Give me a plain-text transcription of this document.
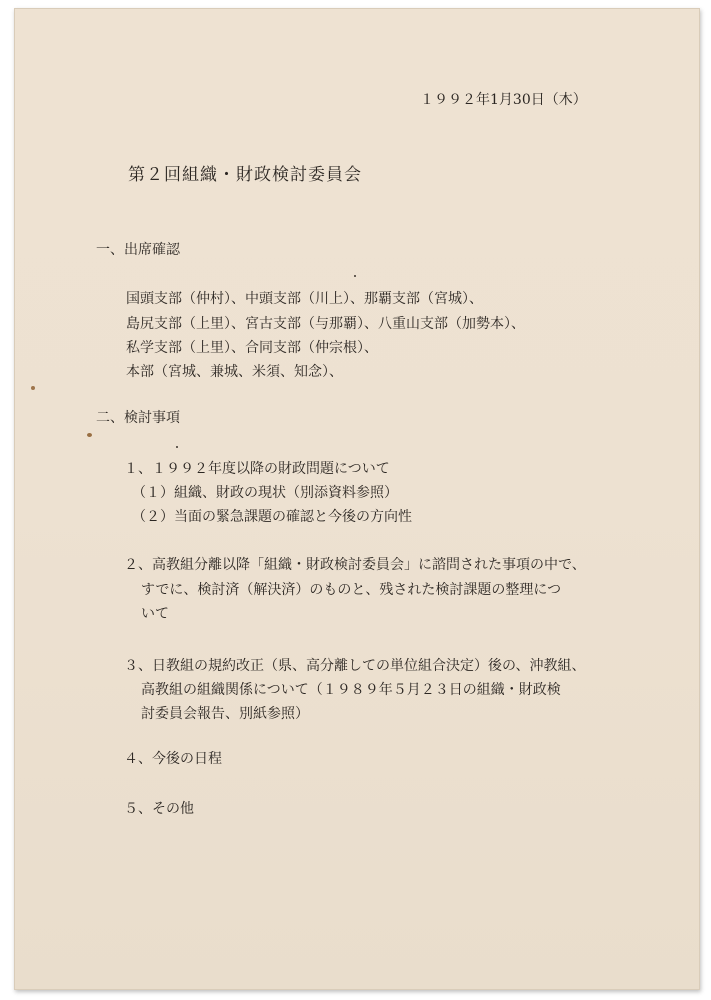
１９９２年1月30日（木）
第２回組織・財政検討委員会
一、出席確認
国頭支部（仲村）、中頭支部（川上）、那覇支部（宮城）、
島尻支部（上里）、宮古支部（与那覇）、八重山支部（加勢本）、
私学支部（上里）、合同支部（仲宗根）、
本部（宮城、兼城、米須、知念）、
二、検討事項
１、１９９２年度以降の財政問題について
（１）組織、財政の現状（別添資料参照）
（２）当面の緊急課題の確認と今後の方向性
２、高教組分離以降「組織・財政検討委員会」に諮問された事項の中で、
すでに、検討済（解決済）のものと、残された検討課題の整理につ
いて
３、日教組の規約改正（県、高分離しての単位組合決定）後の、沖教組、
高教組の組織関係について（１９８９年５月２３日の組織・財政検
討委員会報告、別紙参照）
４、今後の日程
５、その他
